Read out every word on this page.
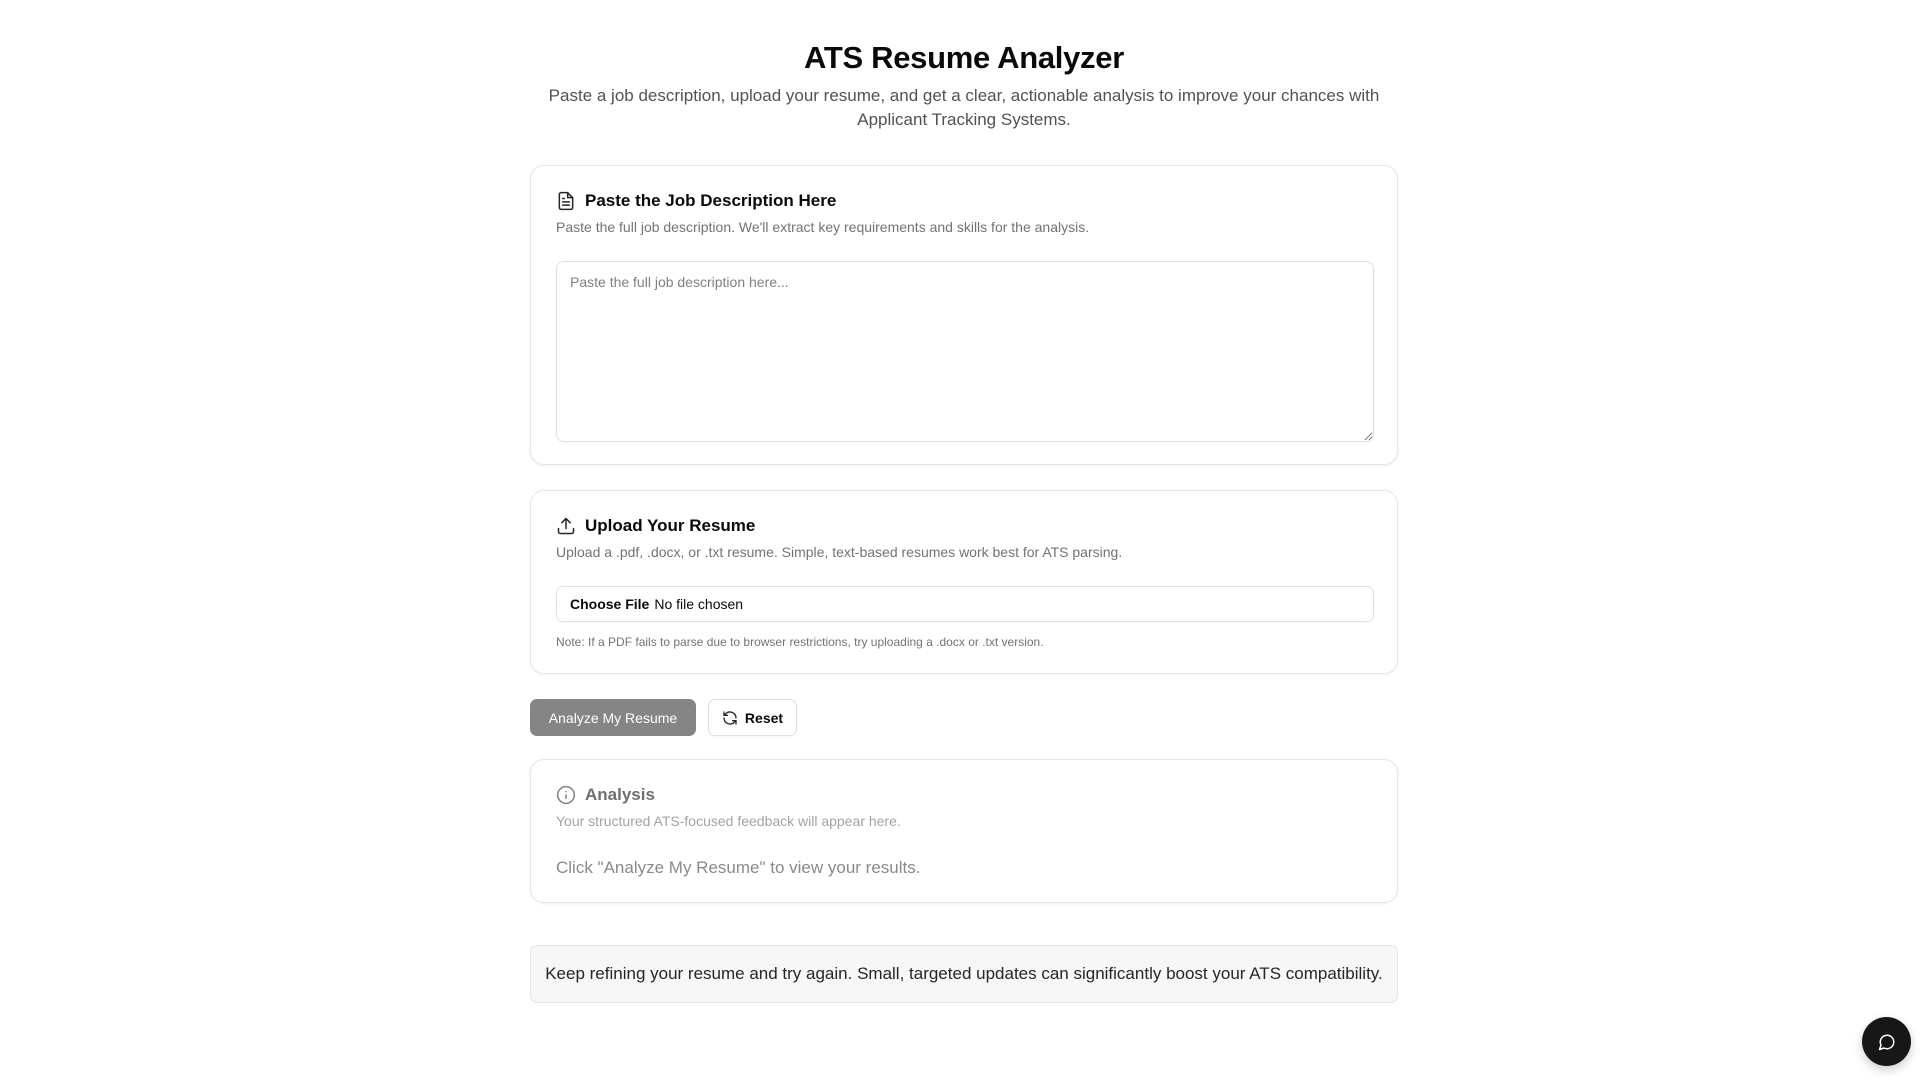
ATS Resume Analyzer

Paste a job description, upload your resume, and get a clear, actionable analysis to improve your chances with Applicant Tracking Systems.

Paste the Job Description Here

Paste the full job description. We'll extract key requirements and skills for the analysis.

Paste the full job description here...
Upload Your Resume

Upload a .pdf, .docx, or .txt resume. Simple, text-based resumes work best for ATS parsing.

Choose File No file chosen

Note: If a PDF fails to parse due to browser restrictions, try uploading a .docx or .txt version.

Analyze My Resume	Reset
Analysis

Your structured ATS-focused feedback will appear here.

Click "Analyze My Resume" to view your results.

Keep refining your resume and try again. Small, targeted updates can significantly boost your ATS compatibility.
